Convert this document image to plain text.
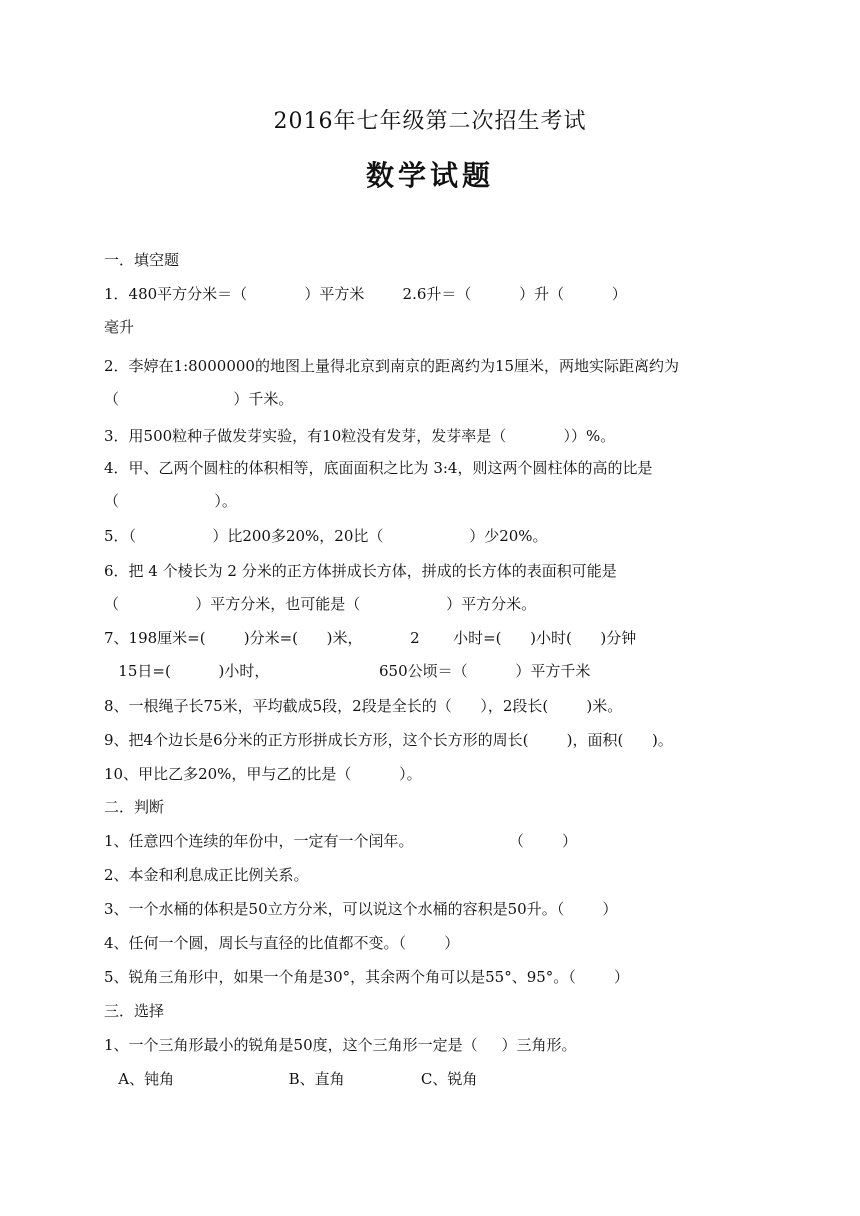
2016年七年级第二次招生考试
数学试题
一．填空题
1．480平方分米＝（            ）平方米        2.6升＝（          ）升（          ）
毫升
2．李婷在1:8000000的地图上量得北京到南京的距离约为15厘米，两地实际距离约为
（                        ）千米。
3．用500粒种子做发芽实验，有10粒没有发芽，发芽率是（            ））%。
4．甲、乙两个圆柱的体积相等，底面面积之比为 3:4，则这两个圆柱体的高的比是
（                    ）。
5．（                ）比200多20%，20比（                  ）少20%。
6．把 4 个棱长为 2 分米的正方体拼成长方体，拼成的长方体的表面积可能是
（                ）平方分米，也可能是（                  ）平方分米。
7、198厘米=(        )分米=(      )米，          2       小时=(      )小时(      )分钟
15日=(          )小时，                       650公顷＝（          ）平方千米
8、一根绳子长75米，平均截成5段，2段是全长的（      ），2段长(        )米。
9、把4个边长是6分米的正方形拼成长方形，这个长方形的周长(        )，面积(      )。
10、甲比乙多20%，甲与乙的比是（          ）。
二．判断
1、任意四个连续的年份中，一定有一个闰年。                    （        ）
2、本金和利息成正比例关系。
3、一个水桶的体积是50立方分米，可以说这个水桶的容积是50升。（        ）
4、任何一个圆，周长与直径的比值都不变。（        ）
5、锐角三角形中，如果一个角是30°，其余两个角可以是55°、95°。（        ）
三．选择
1、一个三角形最小的锐角是50度，这个三角形一定是（     ）三角形。
A、钝角                        B、直角                C、锐角
